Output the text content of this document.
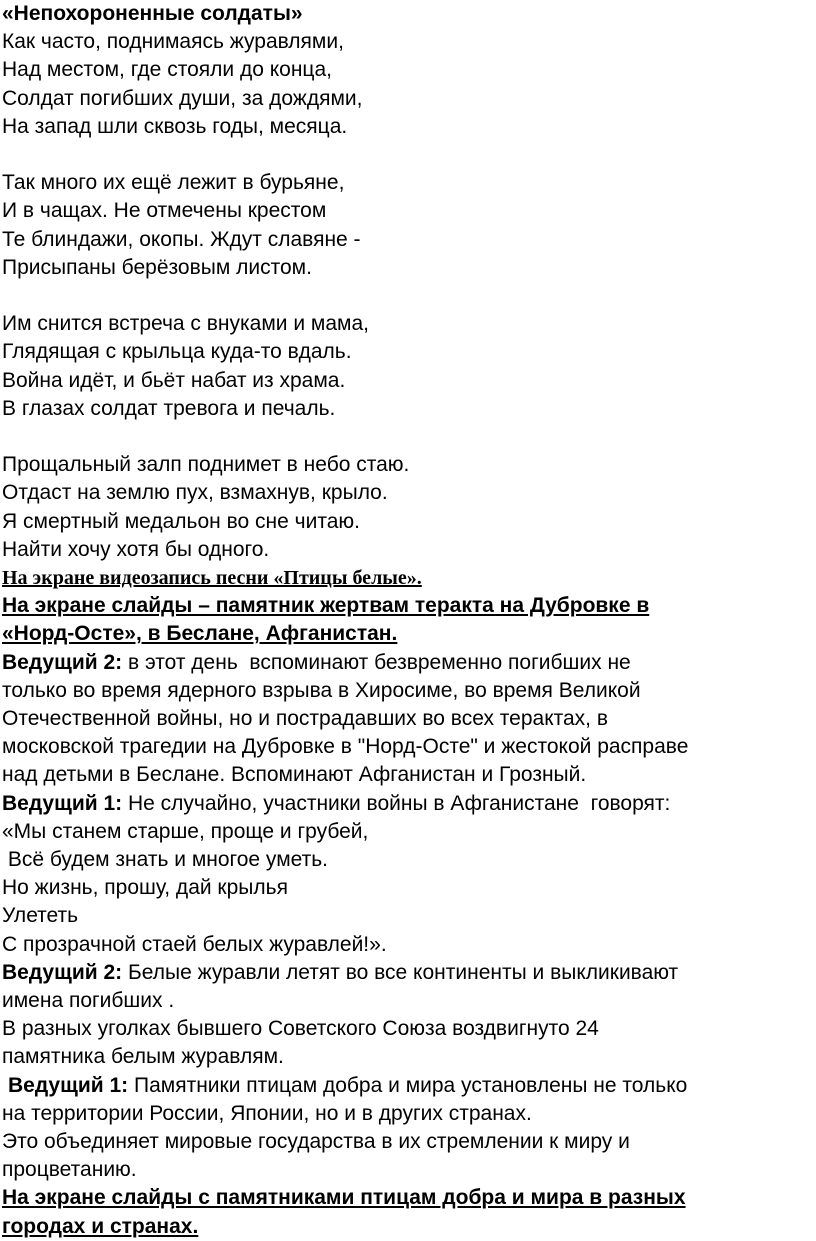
«Непохороненные солдаты»
Как часто, поднимаясь журавлями,
Над местом, где стояли до конца,
Солдат погибших души, за дождями,
На запад шли сквозь годы, месяца.
Так много их ещё лежит в бурьяне,
И в чащах. Не отмечены крестом
Те блиндажи, окопы. Ждут славяне -
Присыпаны берёзовым листом.
Им снится встреча с внуками и мама,
Глядящая с крыльца куда-то вдаль.
Война идёт, и бьёт набат из храма.
В глазах солдат тревога и печаль.
Прощальный залп поднимет в небо стаю.
Отдаст на землю пух, взмахнув, крыло.
Я смертный медальон во сне читаю.
Найти хочу хотя бы одного.
На экране видеозапись песни «Птицы белые».
На экране слайды – памятник жертвам теракта на Дубровке в
«Норд-Осте», в Беслане, Афганистан.
Ведущий 2: в этот день  вспоминают безвременно погибших не
только во время ядерного взрыва в Хиросиме, во время Великой
Отечественной войны, но и пострадавших во всех терактах, в
московской трагедии на Дубровке в "Норд-Осте" и жестокой расправе
над детьми в Беслане. Вспоминают Афганистан и Грозный.
Ведущий 1: Не случайно, участники войны в Афганистане  говорят:
«Мы станем старше, проще и грубей,
Всё будем знать и многое уметь.
Но жизнь, прошу, дай крылья
Улететь
С прозрачной стаей белых журавлей!».
Ведущий 2: Белые журавли летят во все континенты и выкликивают
имена погибших .
В разных уголках бывшего Советского Союза воздвигнуто 24
памятника белым журавлям.
Ведущий 1: Памятники птицам добра и мира установлены не только
на территории России, Японии, но и в других странах.
Это объединяет мировые государства в их стремлении к миру и
процветанию.
На экране слайды с памятниками птицам добра и мира в разных
городах и странах.
